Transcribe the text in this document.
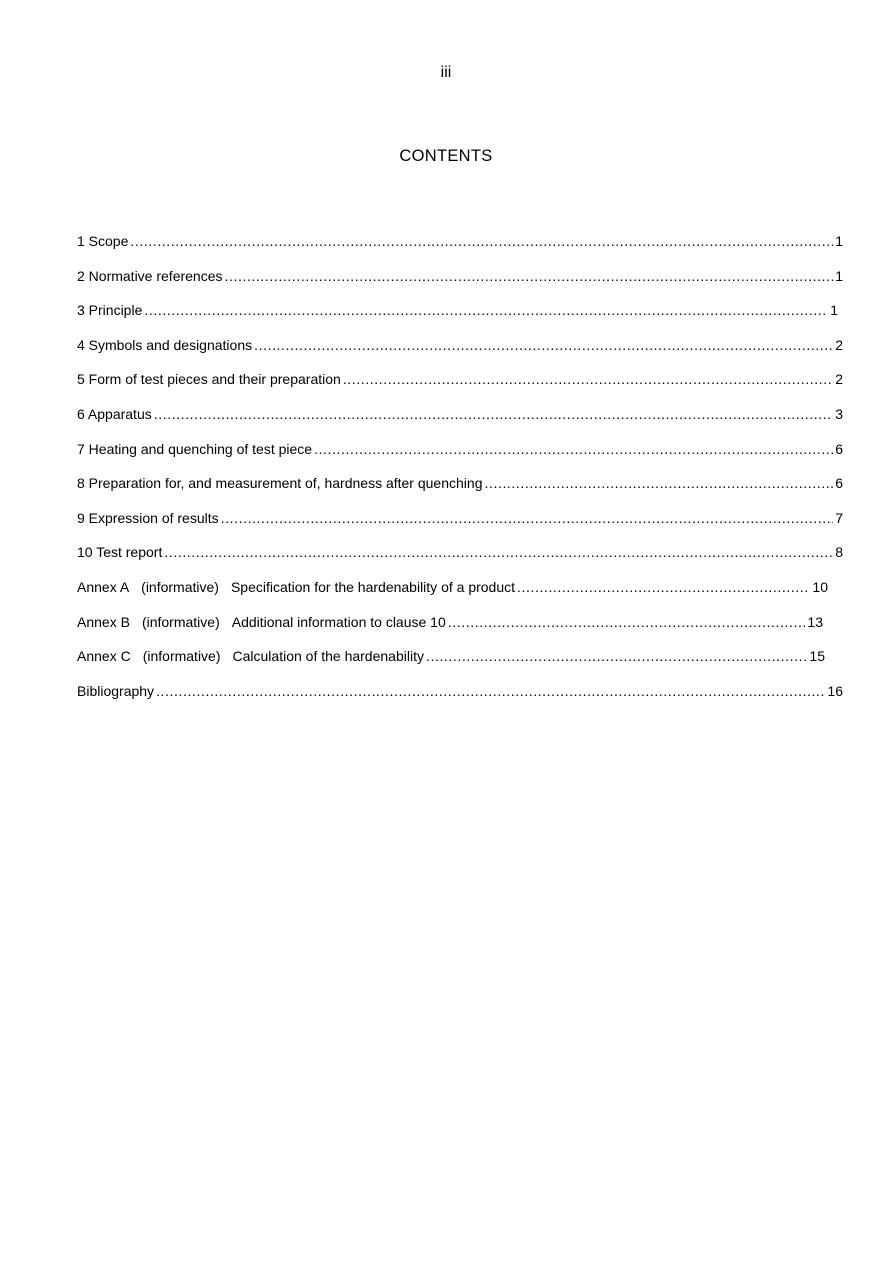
iii
CONTENTS
1 Scope .....	1
2 Normative references .....	1
3 Principle .....	1
4 Symbols and designations .....	2
5 Form of test pieces and their preparation .....	2
6 Apparatus .....	3
7 Heating and quenching of test piece .....	6
8 Preparation for, and measurement of, hardness after quenching .....	6
9 Expression of results .....	7
10 Test report .....	8
Annex A (informative) Specification for the hardenability of a product .....	10
Annex B (informative) Additional information to clause 10 .....	13
Annex C (informative) Calculation of the hardenability .....	15
Bibliography .....	16
